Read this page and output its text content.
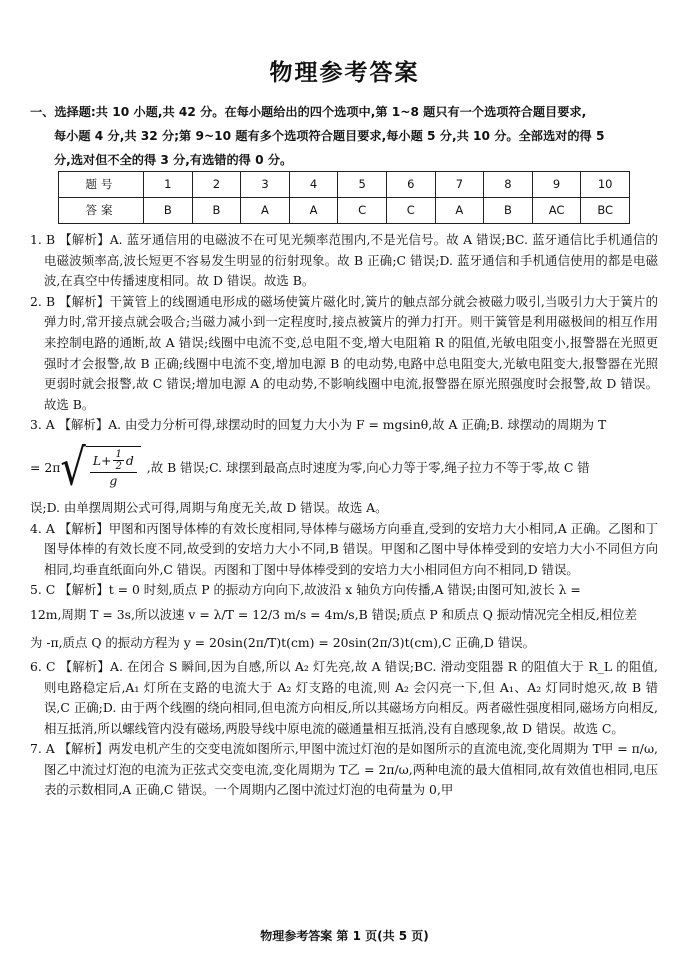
物理参考答案
一、选择题:共 10 小题,共 42 分。在每小题给出的四个选项中,第 1~8 题只有一个选项符合题目要求,
每小题 4 分,共 32 分;第 9~10 题有多个选项符合题目要求,每小题 5 分,共 10 分。全部选对的得 5
分,选对但不全的得 3 分,有选错的得 0 分。
题号	1	2	3	4	5	6	7	8	9	10
答案	B	B	A	A	C	C	A	B	AC	BC
1. B 【解析】A. 蓝牙通信用的电磁波不在可见光频率范围内,不是光信号。故 A 错误;BC. 蓝牙通信比手机通信的电磁波频率高,波长短更不容易发生明显的衍射现象。故 B 正确;C 错误;D. 蓝牙通信和手机通信使用的都是电磁波,在真空中传播速度相同。故 D 错误。故选 B。
2. B 【解析】干簧管上的线圈通电形成的磁场使簧片磁化时,簧片的触点部分就会被磁力吸引,当吸引力大于簧片的弹力时,常开接点就会吸合;当磁力减小到一定程度时,接点被簧片的弹力打开。则干簧管是利用磁极间的相互作用来控制电路的通断,故 A 错误;线圈中电流不变,总电阻不变,增大电阻箱 R 的阻值,光敏电阻变小,报警器在光照更强时才会报警,故 B 正确;线圈中电流不变,增加电源 B 的电动势,电路中总电阻变大,光敏电阻变大,报警器在光照更弱时就会报警,故 C 错误;增加电源 A 的电动势,不影响线圈中电流,报警器在原光照强度时会报警,故 D 错误。故选 B。
3. A 【解析】A. 由受力分析可得,球摆动时的回复力大小为 F = mgsinθ,故 A 正确;B. 球摆动的周期为 T
= 2π √ $L+ \frac{1}{2}$ d
g
,故 B 错误;C. 球摆到最高点时速度为零,向心力等于零,绳子拉力不等于零,故 C 错
误;D. 由单摆周期公式可得,周期与角度无关,故 D 错误。故选 A。
4. A 【解析】甲图和丙图导体棒的有效长度相同,导体棒与磁场方向垂直,受到的安培力大小相同,A 正确。乙图和丁图导体棒的有效长度不同,故受到的安培力大小不同,B 错误。甲图和乙图中导体棒受到的安培力大小不同但方向相同,均垂直纸面向外,C 错误。丙图和丁图中导体棒受到的安培力大小相同但方向不相同,D 错误。
5. C 【解析】t = 0 时刻,质点 P 的振动方向向下,故波沿 x 轴负方向传播,A 错误;由图可知,波长 λ =
12m,周期 T = 3s,所以波速 v = λ/T = 12/3 m/s = 4m/s,B 错误;质点 P 和质点 Q 振动情况完全相反,相位差
为 -π,质点 Q 的振动方程为 y = 20sin(2π/T)t(cm) = 20sin(2π/3)t(cm),C 正确,D 错误。
6. C 【解析】A. 在闭合 S 瞬间,因为自感,所以 A₂ 灯先亮,故 A 错误;BC. 滑动变阻器 R 的阻值大于 R_L 的阻值,则电路稳定后,A₁ 灯所在支路的电流大于 A₂ 灯支路的电流,则 A₂ 会闪亮一下,但 A₁、A₂ 灯同时熄灭,故 B 错误,C 正确;D. 由于两个线圈的绕向相同,但电流方向相反,所以其磁场方向相反。两者磁性强度相同,磁场方向相反,相互抵消,所以螺线管内没有磁场,两股导线中原电流的磁通量相互抵消,没有自感现象,故 D 错误。故选 C。
7. A 【解析】两发电机产生的交变电流如图所示,甲图中流过灯泡的是如图所示的直流电流,变化周期为 T甲 = π/ω,图乙中流过灯泡的电流为正弦式交变电流,变化周期为 T乙 = 2π/ω,两种电流的最大值相同,故有效值也相同,电压表的示数相同,A 正确,C 错误。一个周期内乙图中流过灯泡的电荷量为 0,甲
物理参考答案 第 1 页(共 5 页)
